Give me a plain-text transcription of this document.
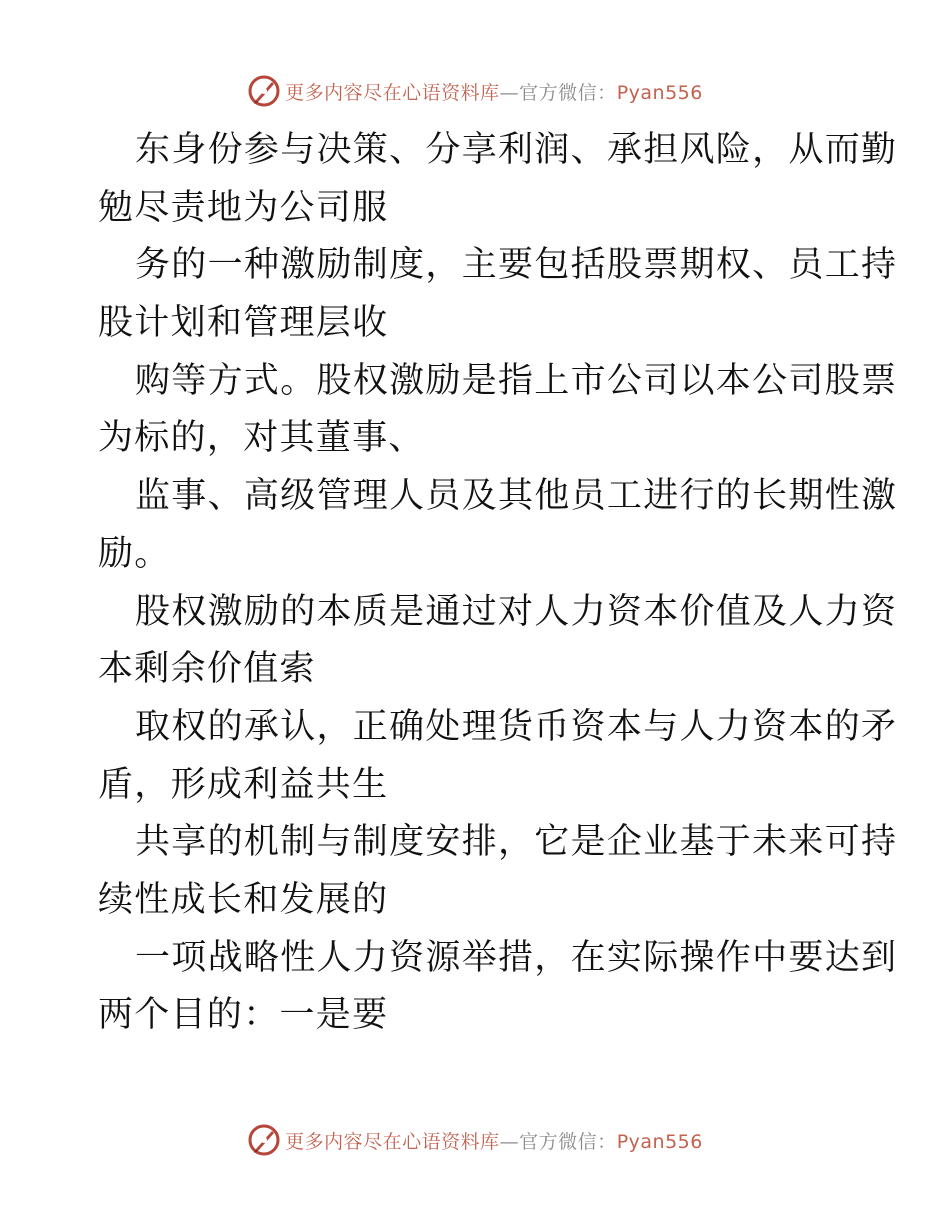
更多内容尽在心语资料库—官方微信：Pyan556
东身份参与决策、分享利润、承担风险，从而勤
勉尽责地为公司服
务的一种激励制度，主要包括股票期权、员工持
股计划和管理层收
购等方式。股权激励是指上市公司以本公司股票
为标的，对其董事、
监事、高级管理人员及其他员工进行的长期性激
励。
股权激励的本质是通过对人力资本价值及人力资
本剩余价值索
取权的承认，正确处理货币资本与人力资本的矛
盾，形成利益共生
共享的机制与制度安排，它是企业基于未来可持
续性成长和发展的
一项战略性人力资源举措，在实际操作中要达到
两个目的：一是要
更多内容尽在心语资料库—官方微信：Pyan556
